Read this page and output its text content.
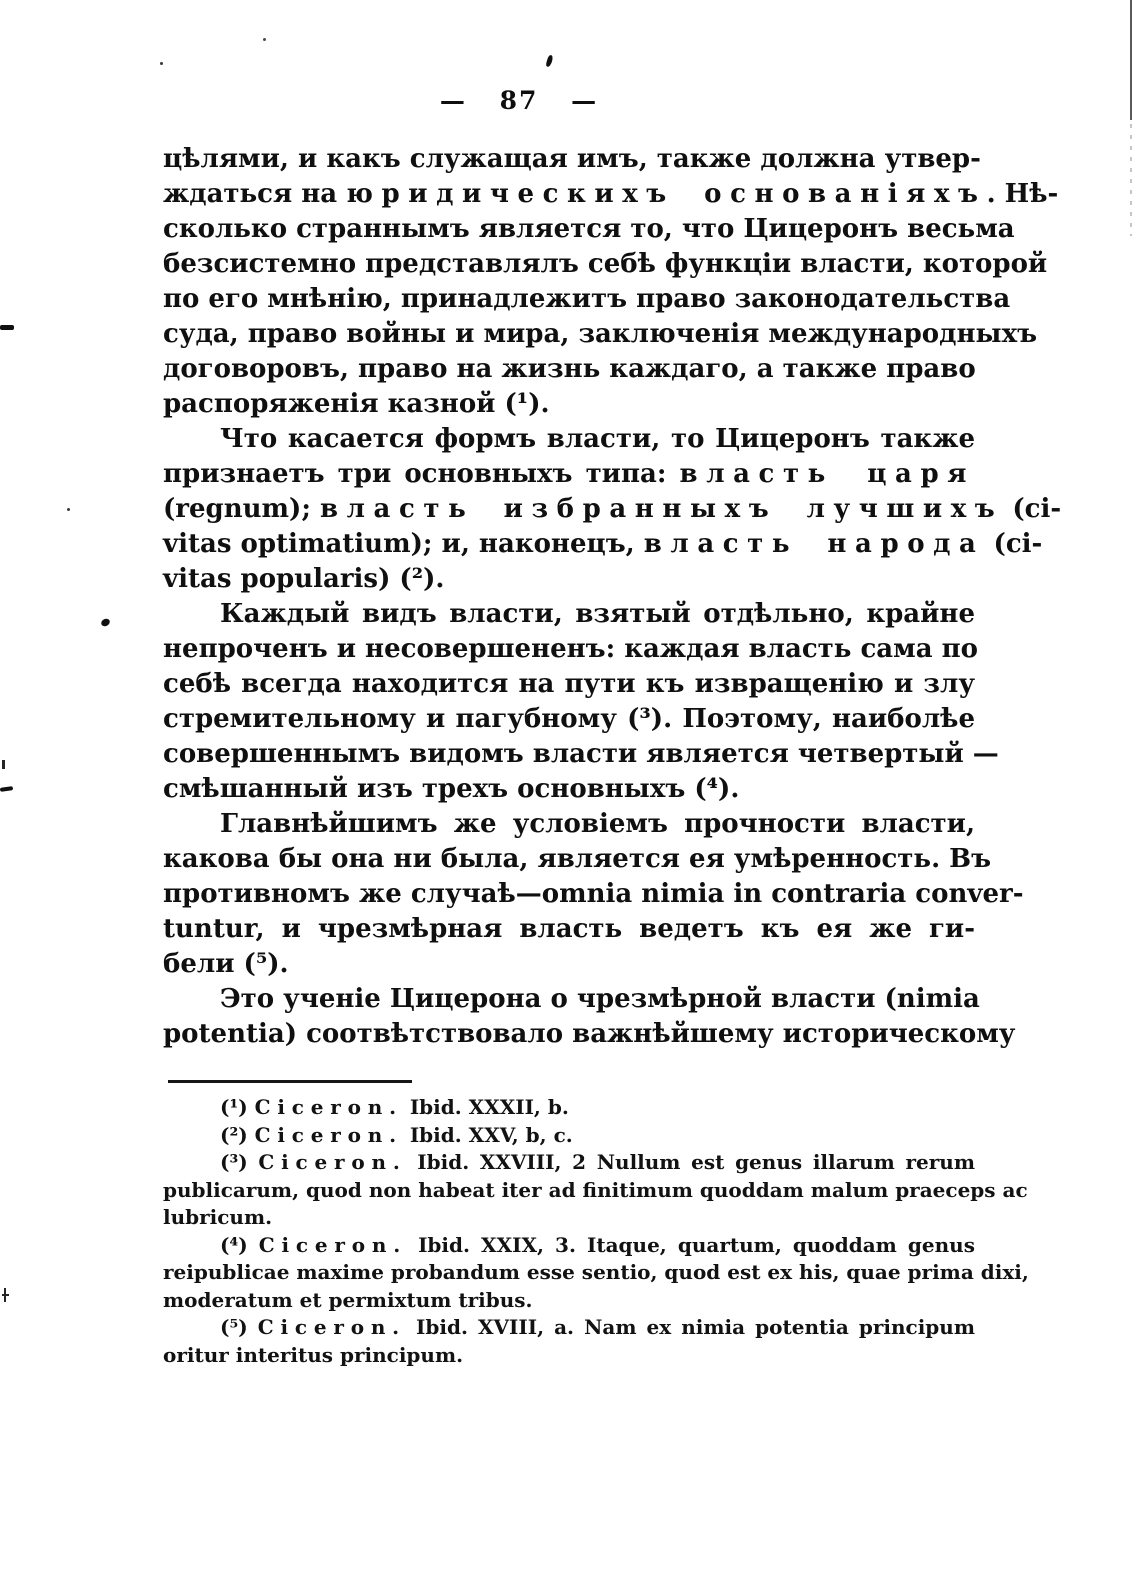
— 87 —
цѣлями, и какъ служащая имъ, также должна утвер-
ждаться на юридическихъ основаніяхъ. Нѣ-
сколько страннымъ является то, что Цицеронъ весьма
безсистемно представлялъ себѣ функціи власти, которой
по его мнѣнію, принадлежитъ право законодательства
суда, право войны и мира, заключенія международныхъ
договоровъ, право на жизнь каждаго, а также право
распоряженія казной (¹).
Что касается формъ власти, то Цицеронъ также
признаетъ три основныхъ типа: власть царя
(regnum); власть избранныхъ лучшихъ (ci-
vitas optimatium); и, наконецъ, власть народа (ci-
vitas popularis) (²).
Каждый видъ власти, взятый отдѣльно, крайне
непроченъ и несовершененъ: каждая власть сама по
себѣ всегда находится на пути къ извращенію и злу
стремительному и пагубному (³). Поэтому, наиболѣе
совершеннымъ видомъ власти является четвертый —
смѣшанный изъ трехъ основныхъ (⁴).
Главнѣйшимъ же условіемъ прочности власти,
какова бы она ни была, является ея умѣренность. Въ
противномъ же случаѣ—omnia nimia in contraria conver-
tuntur, и чрезмѣрная власть ведетъ къ ея же ги-
бели (⁵).
Это ученіе Цицерона о чрезмѣрной власти (nimia
potentia) соотвѣтствовало важнѣйшему историческому
(¹) Ciceron. Ibid. XXXII, b.
(²) Ciceron. Ibid. XXV, b, c.
(³) Ciceron. Ibid. XXVIII, 2 Nullum est genus illarum rerum
publicarum, quod non habeat iter ad finitimum quoddam malum praeceps ac
lubricum.
(⁴) Ciceron. Ibid. XXIX, 3. Itaque, quartum, quoddam genus
reipublicae maxime probandum esse sentio, quod est ex his, quae prima dixi,
moderatum et permixtum tribus.
(⁵) Ciceron. Ibid. XVIII, a. Nam ex nimia potentia principum
oritur interitus principum.
